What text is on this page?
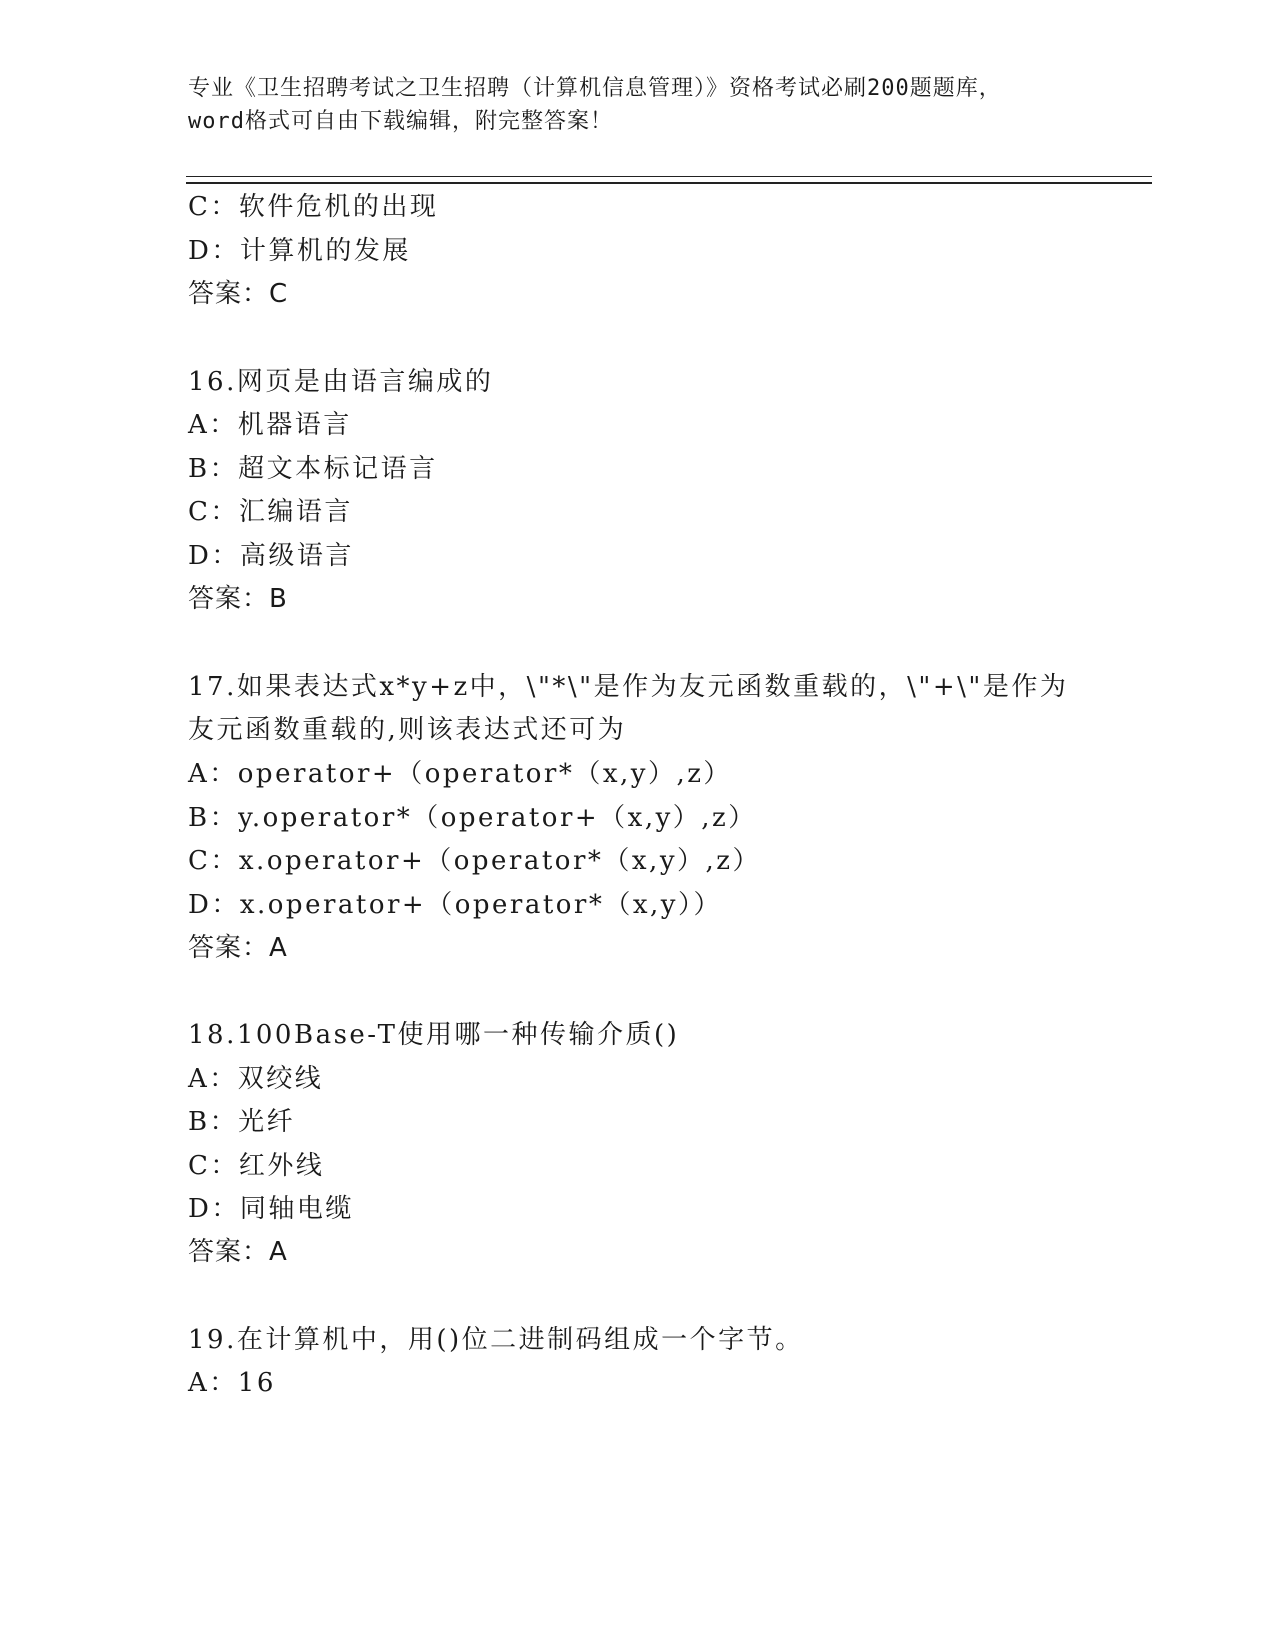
专业《卫生招聘考试之卫生招聘（计算机信息管理）》资格考试必刷200题题库，
word格式可自由下载编辑，附完整答案！
C：软件危机的出现
D：计算机的发展
答案：C
16.网页是由语言编成的
A：机器语言
B：超文本标记语言
C：汇编语言
D：高级语言
答案：B
17.如果表达式x*y+z中，\"*\"是作为友元函数重载的，\"+\"是作为
友元函数重载的,则该表达式还可为
A：operator+（operator*（x,y）,z）
B：y.operator*（operator+（x,y）,z）
C：x.operator+（operator*（x,y）,z）
D：x.operator+（operator*（x,y））
答案：A
18.100Base-T使用哪一种传输介质()
A：双绞线
B：光纤
C：红外线
D：同轴电缆
答案：A
19.在计算机中，用()位二进制码组成一个字节。
A：16
